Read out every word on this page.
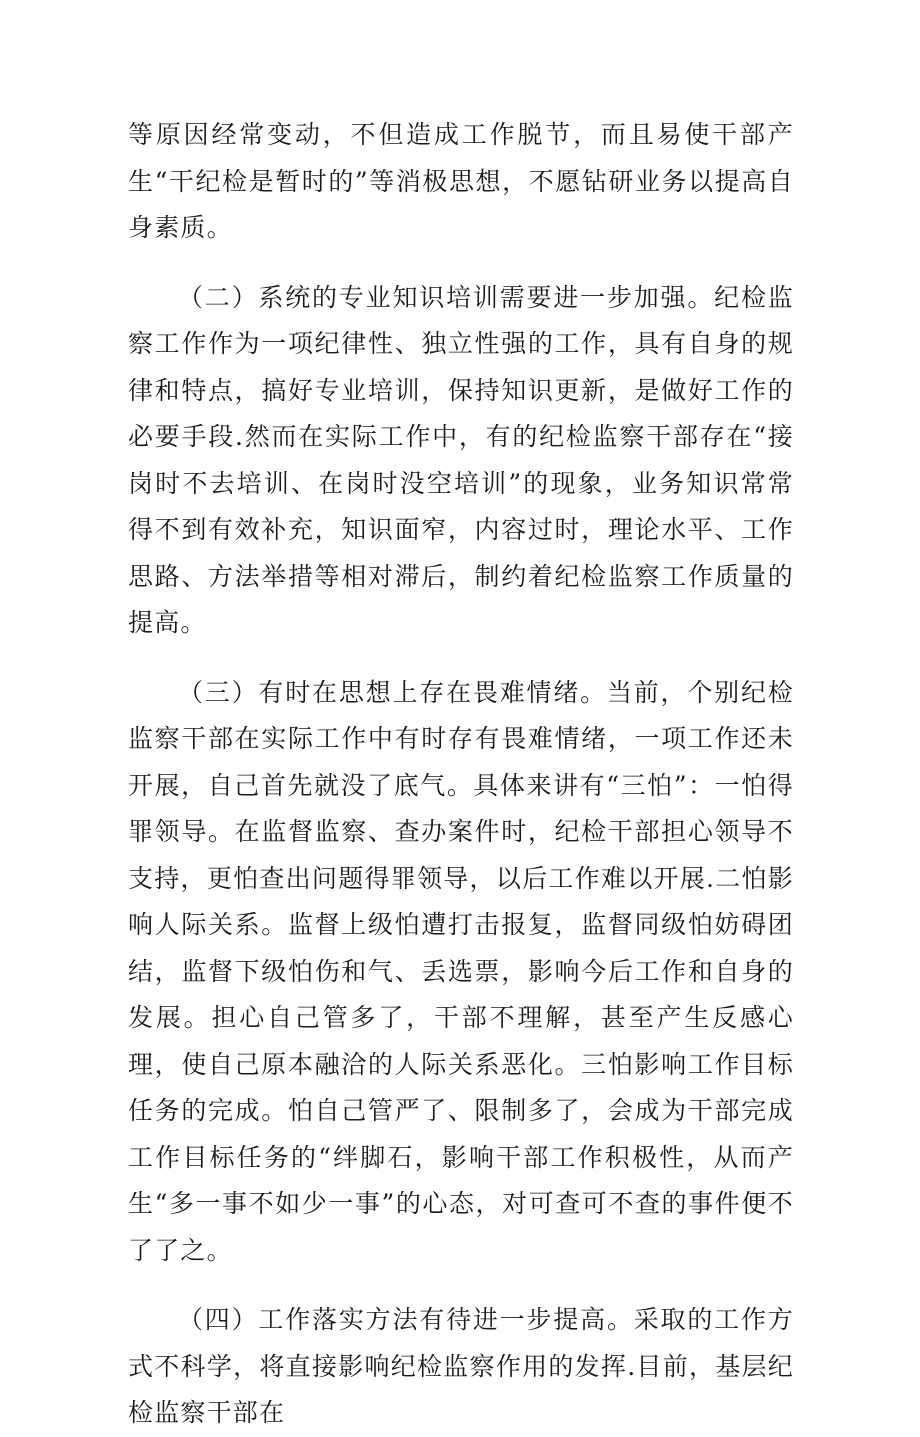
等原因经常变动，不但造成工作脱节，而且易使干部产生“干纪检是暂时的”等消极思想，不愿钻研业务以提高自身素质。

（二）系统的专业知识培训需要进一步加强。纪检监察工作作为一项纪律性、独立性强的工作，具有自身的规律和特点，搞好专业培训，保持知识更新，是做好工作的必要手段.然而在实际工作中，有的纪检监察干部存在“接岗时不去培训、在岗时没空培训”的现象，业务知识常常得不到有效补充，知识面窄，内容过时，理论水平、工作思路、方法举措等相对滞后，制约着纪检监察工作质量的提高。

（三）有时在思想上存在畏难情绪。当前，个别纪检监察干部在实际工作中有时存有畏难情绪，一项工作还未开展，自己首先就没了底气。具体来讲有“三怕”：一怕得罪领导。在监督监察、查办案件时，纪检干部担心领导不支持，更怕查出问题得罪领导，以后工作难以开展.二怕影响人际关系。监督上级怕遭打击报复，监督同级怕妨碍团结，监督下级怕伤和气、丢选票，影响今后工作和自身的发展。担心自己管多了，干部不理解，甚至产生反感心理，使自己原本融洽的人际关系恶化。三怕影响工作目标任务的完成。怕自己管严了、限制多了，会成为干部完成工作目标任务的“绊脚石，影响干部工作积极性，从而产生“多一事不如少一事”的心态，对可查可不查的事件便不了了之。

（四）工作落实方法有待进一步提高。采取的工作方式不科学，将直接影响纪检监察作用的发挥.目前，基层纪检监察干部在
